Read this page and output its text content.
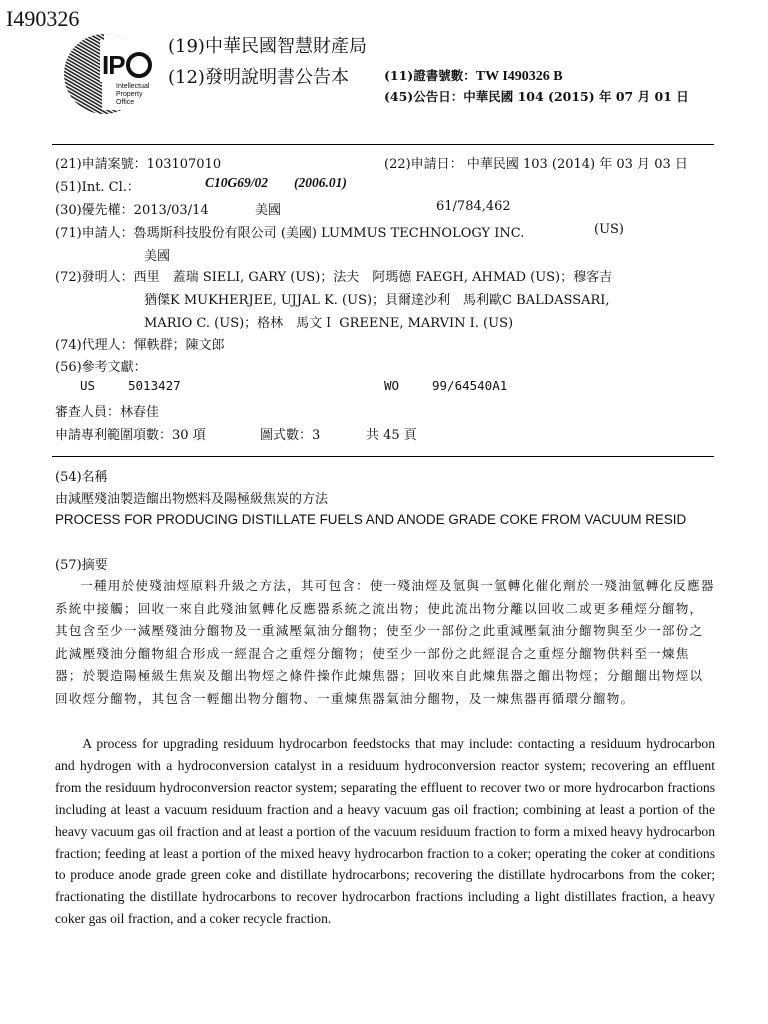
I490326
IP
Intellectual
Property
Office
(19)中華民國智慧財產局
(12)發明說明書公告本	(11)證書號數：TW I490326 B
(45)公告日：中華民國 104 (2015) 年 07 月 01 日
(21)申請案號：103107010	(22)申請日： 中華民國 103 (2014) 年 03 月 03 日
(51)Int. Cl.：	C10G69/02 (2006.01)
(30)優先權：2013/03/14	美國	61/784,462
(71)申請人：魯瑪斯科技股份有限公司 (美國) LUMMUS TECHNOLOGY INC.	(US)
美國
(72)發明人：西里　蓋瑞 SIELI, GARY (US)；法夫　阿瑪德 FAEGH, AHMAD (US)；穆客吉
猶傑K MUKHERJEE, UJJAL K. (US)；貝爾達沙利　馬利歐C BALDASSARI,
MARIO C. (US)；格林　馬文Ｉ GREENE, MARVIN I. (US)
(74)代理人：惲軼群；陳文郎
(56)參考文獻：
US	5013427	WO	99/64540A1
審查人員：林春佳
申請專利範圍項數：30 項	圖式數：3	共 45 頁
(54)名稱
由減壓殘油製造餾出物燃料及陽極級焦炭的方法
PROCESS FOR PRODUCING DISTILLATE FUELS AND ANODE GRADE COKE FROM VACUUM RESID
(57)摘要

一種用於使殘油烴原料升級之方法，其可包含：使一殘油烴及氫與一氫轉化催化劑於一殘油氫轉化反應器系統中接觸；回收一來自此殘油氫轉化反應器系統之流出物；使此流出物分離以回收二或更多種烴分餾物，其包含至少一減壓殘油分餾物及一重減壓氣油分餾物；使至少一部份之此重減壓氣油分餾物與至少一部份之此減壓殘油分餾物組合形成一經混合之重烴分餾物；使至少一部份之此經混合之重烴分餾物供料至一煉焦器；於製造陽極級生焦炭及餾出物烴之條件操作此煉焦器；回收來自此煉焦器之餾出物烴；分餾餾出物烴以回收烴分餾物，其包含一輕餾出物分餾物、一重煉焦器氣油分餾物，及一煉焦器再循環分餾物。

A process for upgrading residuum hydrocarbon feedstocks that may include: contacting a residuum hydrocarbon and hydrogen with a hydroconversion catalyst in a residuum hydroconversion reactor system; recovering an effluent from the residuum hydroconversion reactor system; separating the effluent to recover two or more hydrocarbon fractions including at least a vacuum residuum fraction and a heavy vacuum gas oil fraction; combining at least a portion of the heavy vacuum gas oil fraction and at least a portion of the vacuum residuum fraction to form a mixed heavy hydrocarbon fraction; feeding at least a portion of the mixed heavy hydrocarbon fraction to a coker; operating the coker at conditions to produce anode grade green coke and distillate hydrocarbons; recovering the distillate hydrocarbons from the coker; fractionating the distillate hydrocarbons to recover hydrocarbon fractions including a light distillates fraction, a heavy coker gas oil fraction, and a coker recycle fraction.
